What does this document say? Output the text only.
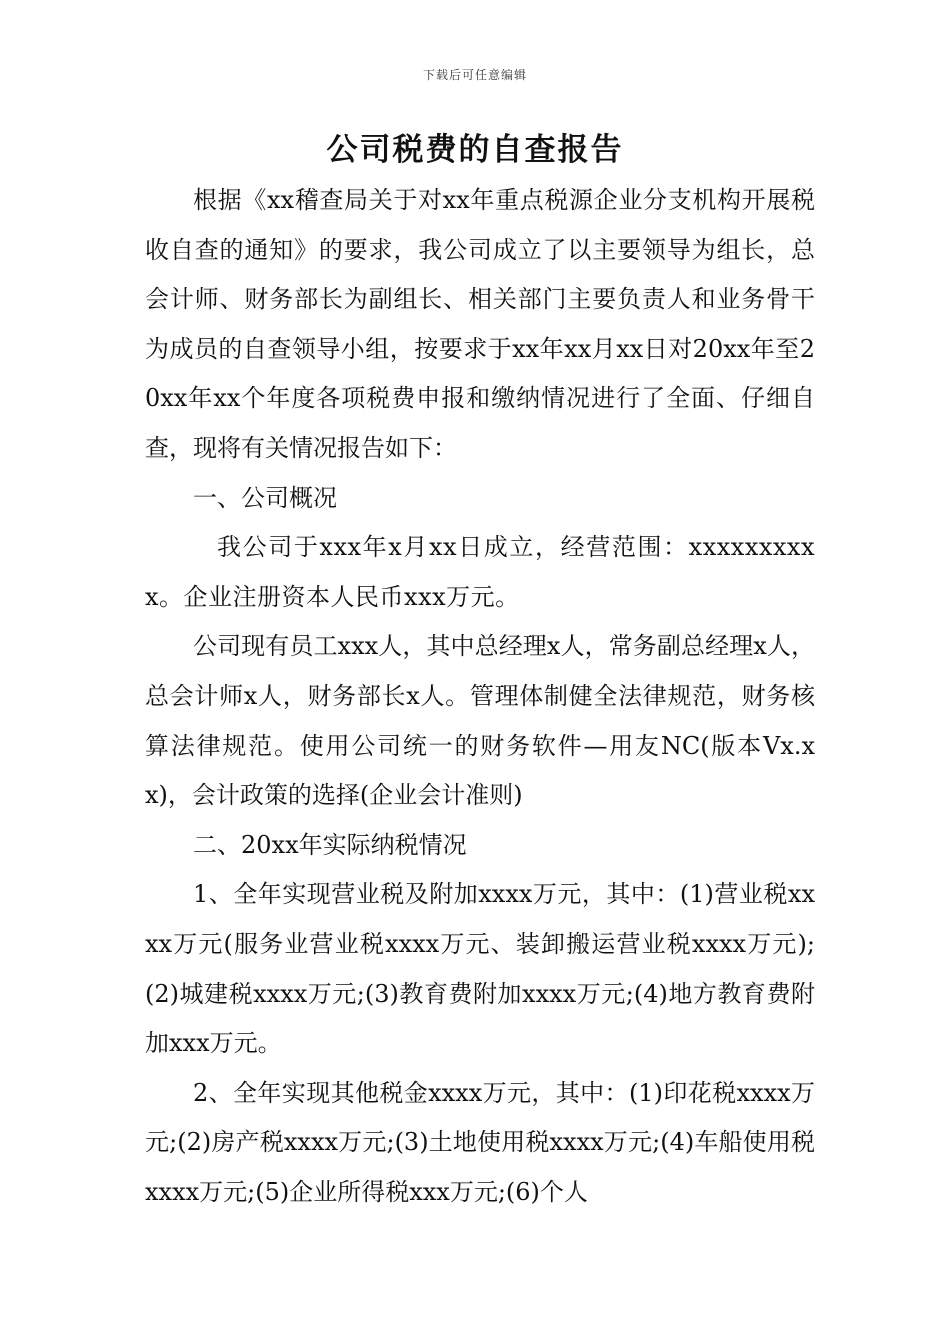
下载后可任意编辑
公司税费的自查报告

根据《xx稽查局关于对xx年重点税源企业分支机构开展税收自查的通知》的要求，我公司成立了以主要领导为组长，总会计师、财务部长为副组长、相关部门主要负责人和业务骨干为成员的自查领导小组，按要求于xx年xx月xx日对20xx年至20xx年xx个年度各项税费申报和缴纳情况进行了全面、仔细自查，现将有关情况报告如下：

一、公司概况

我公司于xxx年x月xx日成立，经营范围：xxxxxxxxxx。企业注册资本人民币xxx万元。

公司现有员工xxx人，其中总经理x人，常务副总经理x人，总会计师x人，财务部长x人。管理体制健全法律规范，财务核算法律规范。使用公司统一的财务软件—用友NC(版本Vx.xx)，会计政策的选择(企业会计准则)

二、20xx年实际纳税情况

1、全年实现营业税及附加xxxx万元，其中：(1)营业税xxxx万元(服务业营业税xxxx万元、装卸搬运营业税xxxx万元);(2)城建税xxxx万元;(3)教育费附加xxxx万元;(4)地方教育费附加xxx万元。

2、全年实现其他税金xxxx万元，其中：(1)印花税xxxx万元;(2)房产税xxxx万元;(3)土地使用税xxxx万元;(4)车船使用税xxxx万元;(5)企业所得税xxx万元;(6)个人
